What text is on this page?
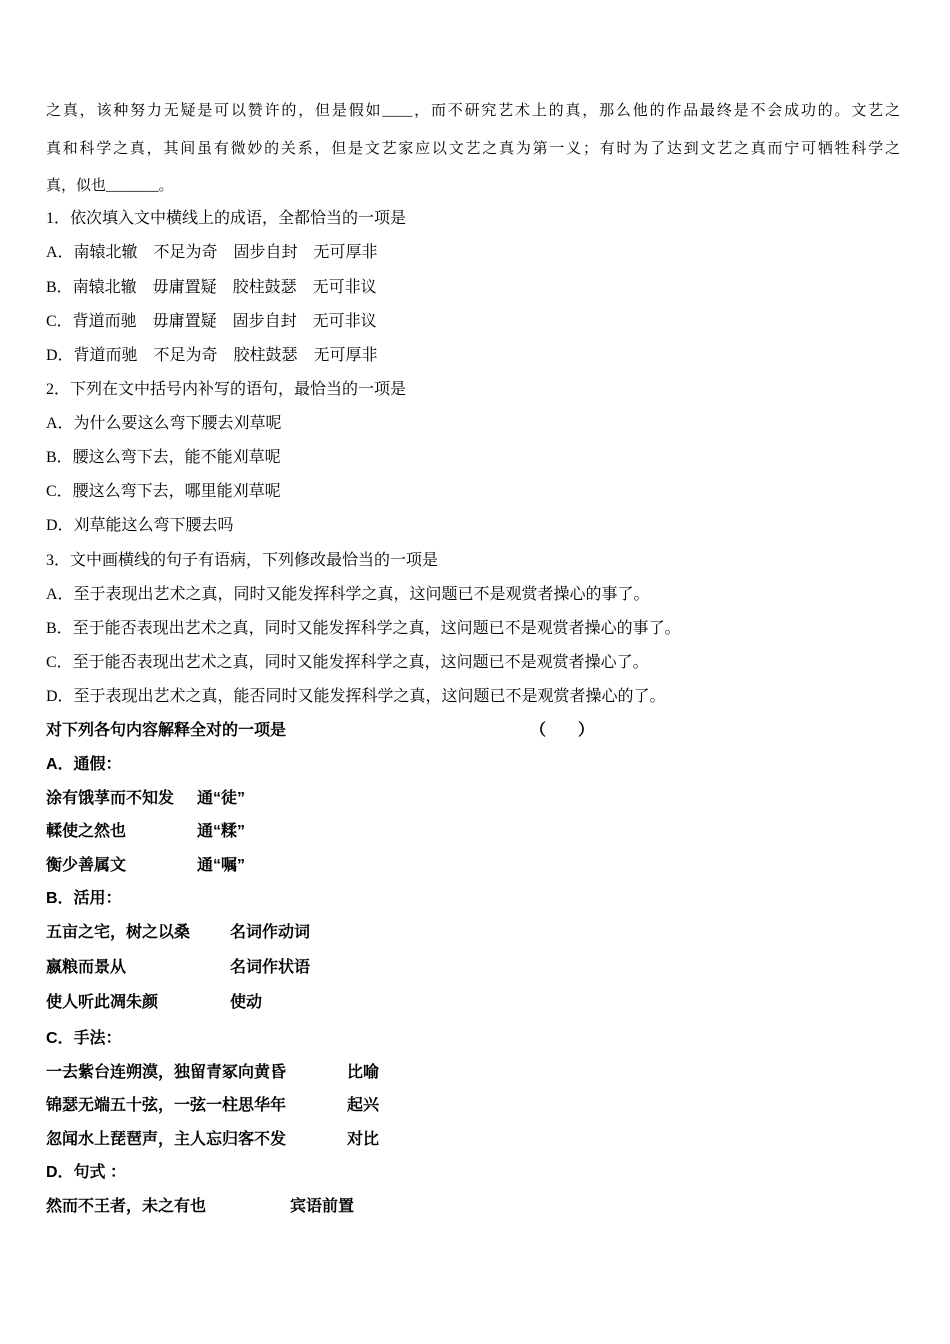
之真，该种努力无疑是可以赞许的，但是假如____，而不研究艺术上的真，那么他的作品最终是不会成功的。文艺之
真和科学之真，其间虽有微妙的关系，但是文艺家应以文艺之真为第一义；有时为了达到文艺之真而宁可牺牲科学之
真，似也_______。
1．依次填入文中横线上的成语，全都恰当的一项是
A．南辕北辙　不足为奇　固步自封　无可厚非
B．南辕北辙　毋庸置疑　胶柱鼓瑟　无可非议
C．背道而驰　毋庸置疑　固步自封　无可非议
D．背道而驰　不足为奇　胶柱鼓瑟　无可厚非
2．下列在文中括号内补写的语句，最恰当的一项是
A．为什么要这么弯下腰去刈草呢
B．腰这么弯下去，能不能刈草呢
C．腰这么弯下去，哪里能刈草呢
D．刈草能这么弯下腰去吗
3．文中画横线的句子有语病，下列修改最恰当的一项是
A．至于表现出艺术之真，同时又能发挥科学之真，这问题已不是观赏者操心的事了。
B．至于能否表现出艺术之真，同时又能发挥科学之真，这问题已不是观赏者操心的事了。
C．至于能否表现出艺术之真，同时又能发挥科学之真，这问题已不是观赏者操心了。
D．至于表现出艺术之真，能否同时又能发挥科学之真，这问题已不是观赏者操心的了。
对下列各句内容解释全对的一项是	（　　）
A．通假：
涂有饿莩而不知发 通“徒”
輮使之然也	通“糅”
衡少善属文	通“嘱”
B．活用：
五亩之宅，树之以桑 名词作动词
嬴粮而景从	名词作状语
使人听此凋朱颜	使动
C．手法：
一去紫台连朔漠，独留青冢向黄昏	比喻
锦瑟无端五十弦，一弦一柱思华年	起兴
忽闻水上琵琶声，主人忘归客不发	对比
D．句式 ：
然而不王者，未之有也	宾语前置
